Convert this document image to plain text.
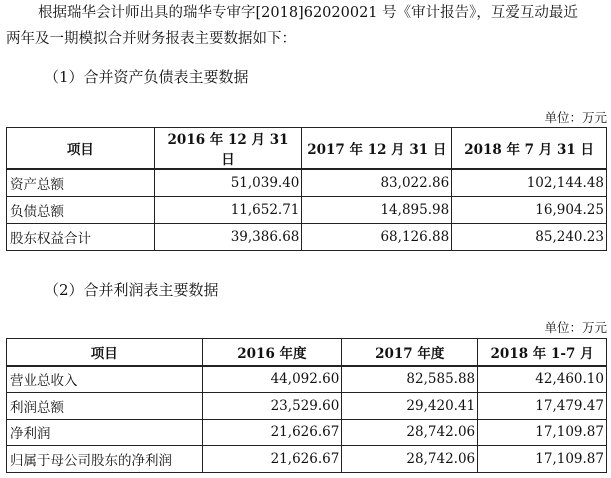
根据瑞华会计师出具的瑞华专审字[2018]62020021 号《审计报告》，互爱互动最近

两年及一期模拟合并财务报表主要数据如下：

（1）合并资产负债表主要数据
单位：万元
项目	2016 年 12 月 31 日	2017 年 12 月 31 日	2018 年 7 月 31 日
资产总额	51,039.40	83,022.86	102,144.48
负债总额	11,652.71	14,895.98	16,904.25
股东权益合计	39,386.68	68,126.88	85,240.23
（2）合并利润表主要数据
单位：万元
项目	2016 年度	2017 年度	2018 年 1-7 月
营业总收入	44,092.60	82,585.88	42,460.10
利润总额	23,529.60	29,420.41	17,479.47
净利润	21,626.67	28,742.06	17,109.87
归属于母公司股东的净利润	21,626.67	28,742.06	17,109.87
